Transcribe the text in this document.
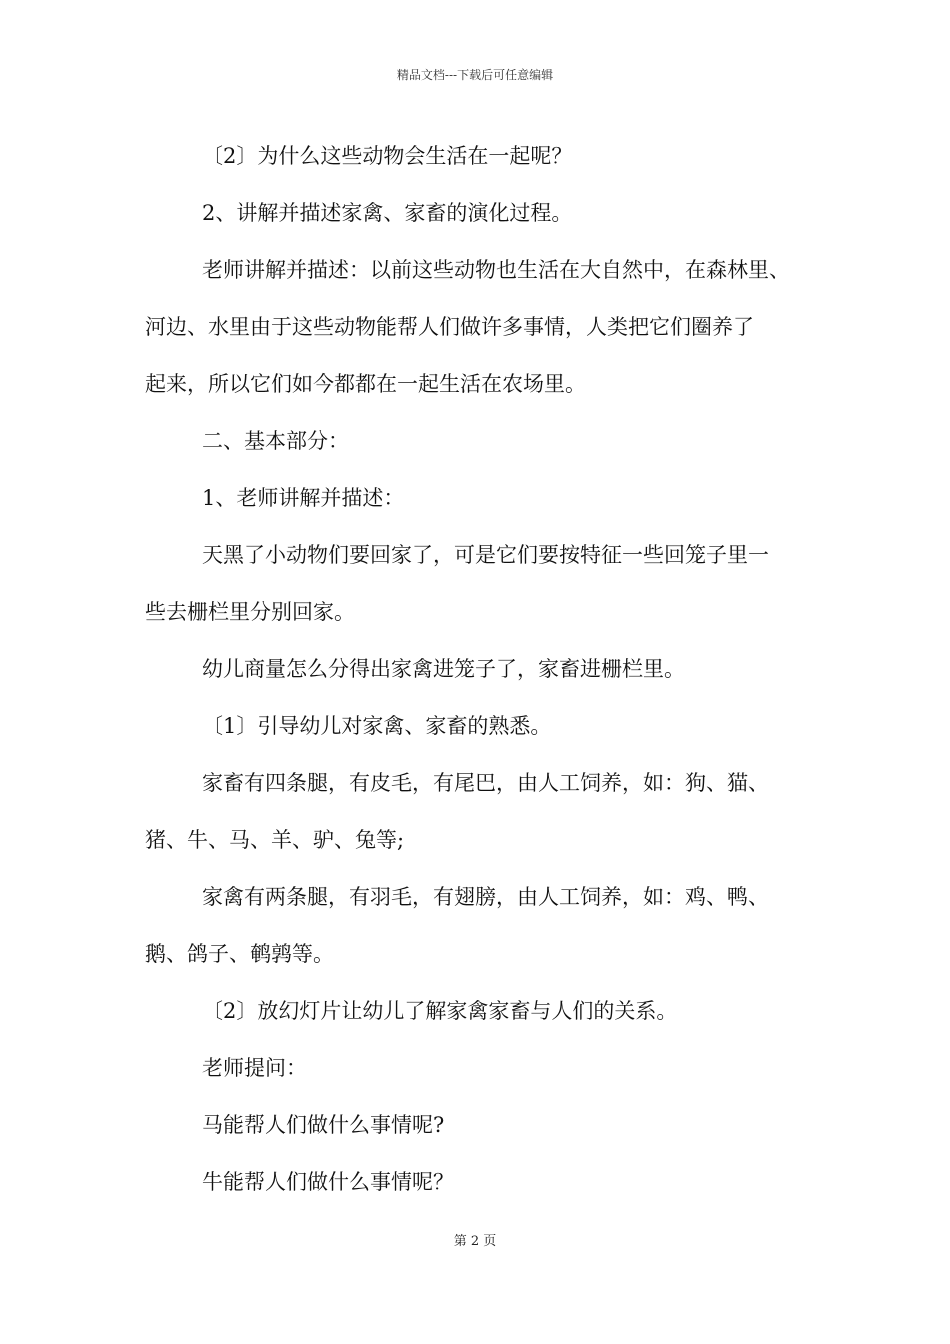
精品文档---下载后可任意编辑

〔2〕为什么这些动物会生活在一起呢？

2、讲解并描述家禽、家畜的演化过程。

老师讲解并描述：以前这些动物也生活在大自然中，在森林里、

河边、水里由于这些动物能帮人们做许多事情，人类把它们圈养了

起来，所以它们如今都都在一起生活在农场里。

二、基本部分：

1、老师讲解并描述：

天黑了小动物们要回家了，可是它们要按特征一些回笼子里一

些去栅栏里分别回家。

幼儿商量怎么分得出家禽进笼子了，家畜进栅栏里。

〔1〕引导幼儿对家禽、家畜的熟悉。

家畜有四条腿，有皮毛，有尾巴，由人工饲养，如：狗、猫、

猪、牛、马、羊、驴、兔等;

家禽有两条腿，有羽毛，有翅膀，由人工饲养，如：鸡、鸭、

鹅、鸽子、鹌鹑等。

〔2〕放幻灯片让幼儿了解家禽家畜与人们的关系。

老师提问：

马能帮人们做什么事情呢?

牛能帮人们做什么事情呢？

第 2 页
